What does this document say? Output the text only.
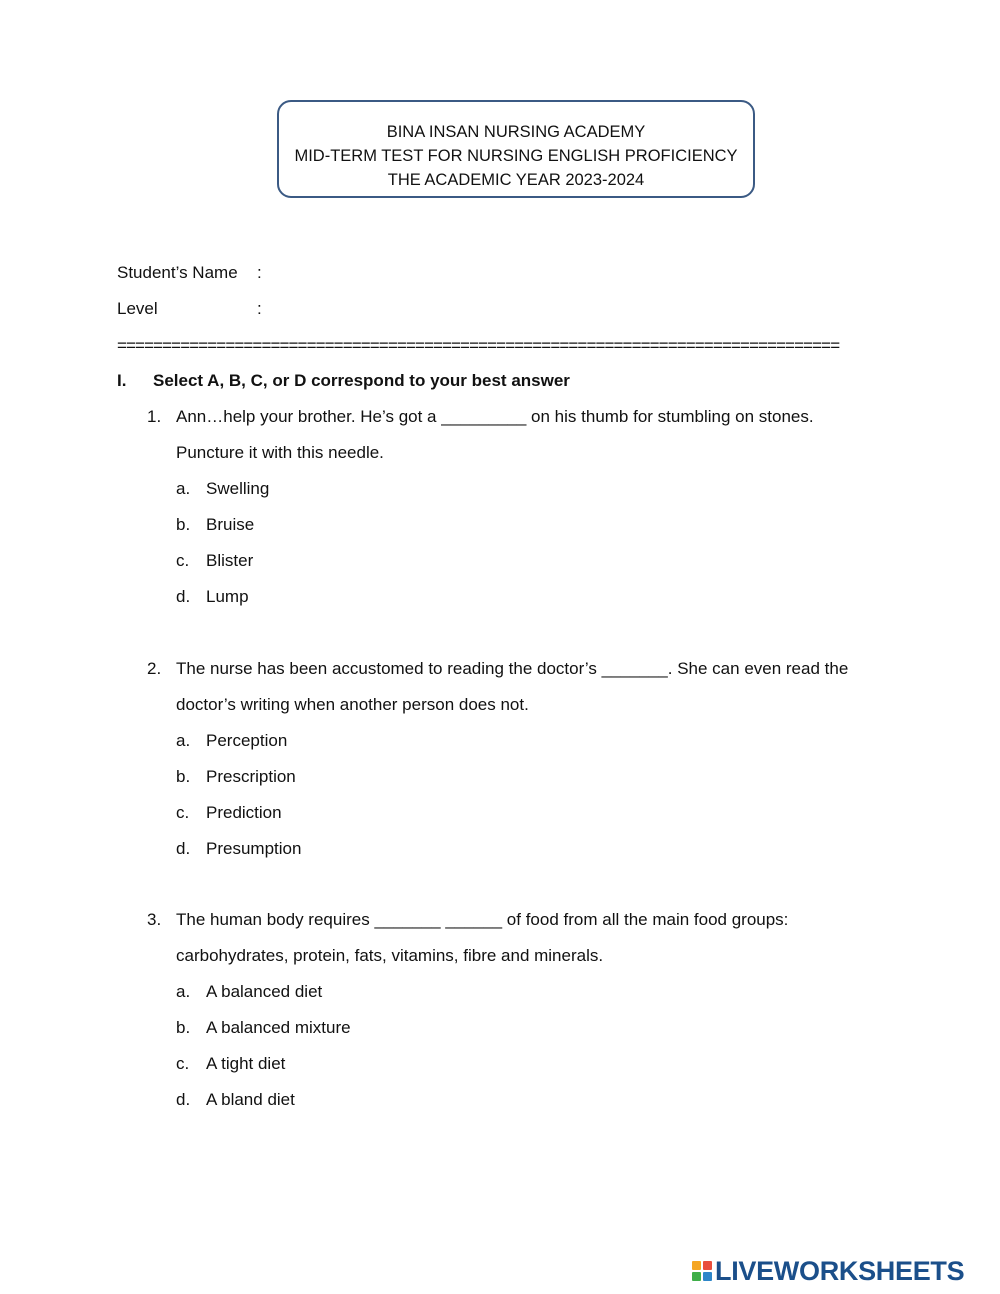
BINA INSAN NURSING ACADEMY
MID-TERM TEST FOR NURSING ENGLISH PROFICIENCY
THE ACADEMIC YEAR 2023-2024
Student’s Name :
Level	:
================================================================================
I. Select A, B, C, or D correspond to your best answer
1. Ann…help your brother. He’s got a _________ on his thumb for stumbling on stones.
Puncture it with this needle.
a. Swelling
b. Bruise
c. Blister
d. Lump
2. The nurse has been accustomed to reading the doctor’s _______. She can even read the
doctor’s writing when another person does not.
a. Perception
b. Prescription
c. Prediction
d. Presumption
3. The human body requires _______ ______ of food from all the main food groups:
carbohydrates, protein, fats, vitamins, fibre and minerals.
a. A balanced diet
b. A balanced mixture
c. A tight diet
d. A bland diet
LIVEWORKSHEETS
